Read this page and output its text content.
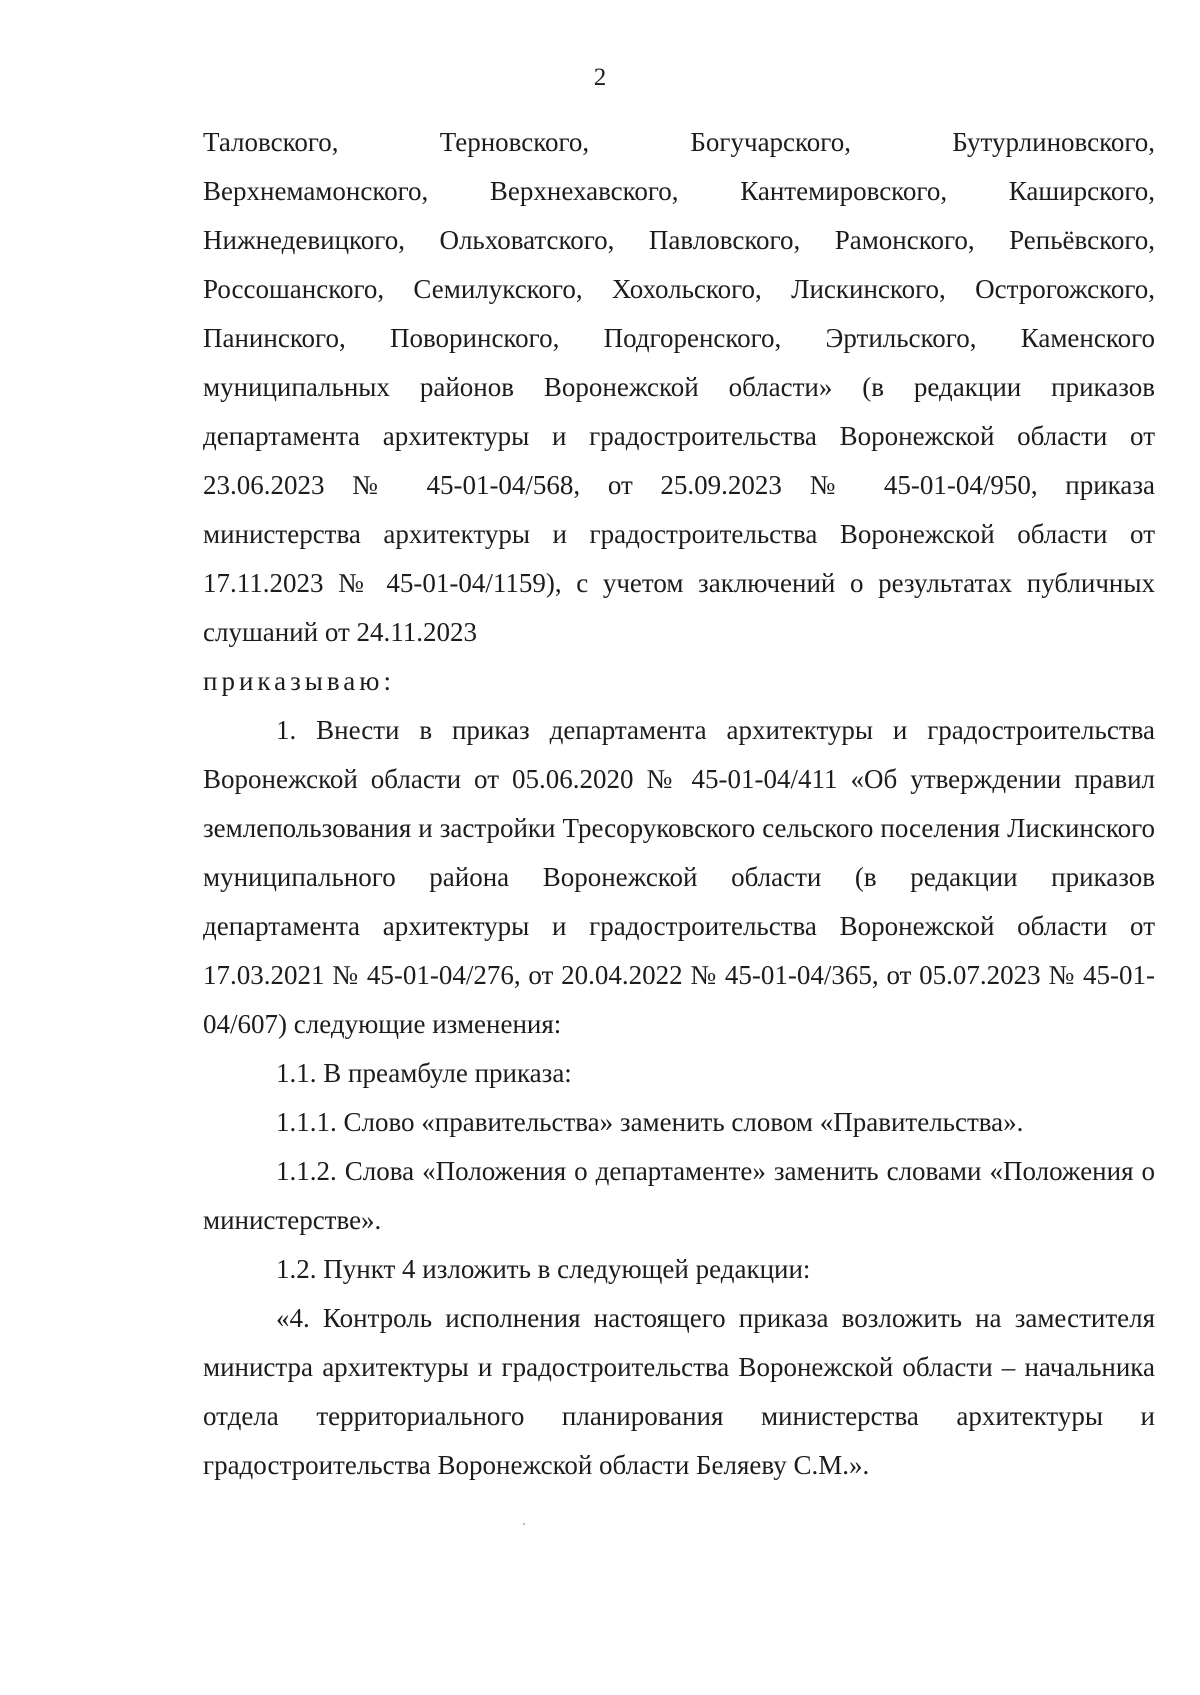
2
Таловского, Терновского, Богучарского, Бутурлиновского,
Верхнемамонского, Верхнехавского, Кантемировского, Каширского,
Нижнедевицкого, Ольховатского, Павловского, Рамонского, Репьёвского,
Россошанского, Семилукского, Хохольского, Лискинского, Острогожского,
Панинского, Поворинского, Подгоренского, Эртильского, Каменского
муниципальных районов Воронежской области» (в редакции приказов
департамента архитектуры и градостроительства Воронежской области от
23.06.2023 № 45-01-04/568, от 25.09.2023 № 45-01-04/950, приказа
министерства архитектуры и градостроительства Воронежской области от
17.11.2023 № 45-01-04/1159), с учетом заключений о результатах публичных
слушаний от 24.11.2023
приказываю:

1. Внести в приказ департамента архитектуры и градостроительства Воронежской области от 05.06.2020 № 45-01-04/411 «Об утверждении правил землепользования и застройки Тресоруковского сельского поселения Лискинского муниципального района Воронежской области (в редакции приказов департамента архитектуры и градостроительства Воронежской области от 17.03.2021 № 45-01-04/276, от 20.04.2022 № 45-01-04/365, от 05.07.2023 № 45-01-04/607) следующие изменения:

1.1. В преамбуле приказа:

1.1.1. Слово «правительства» заменить словом «Правительства».

1.1.2. Слова «Положения о департаменте» заменить словами «Положения о министерстве».

1.2. Пункт 4 изложить в следующей редакции:

«4. Контроль исполнения настоящего приказа возложить на заместителя министра архитектуры и градостроительства Воронежской области – начальника отдела территориального планирования министерства архитектуры и градостроительства Воронежской области Беляеву С.М.».
